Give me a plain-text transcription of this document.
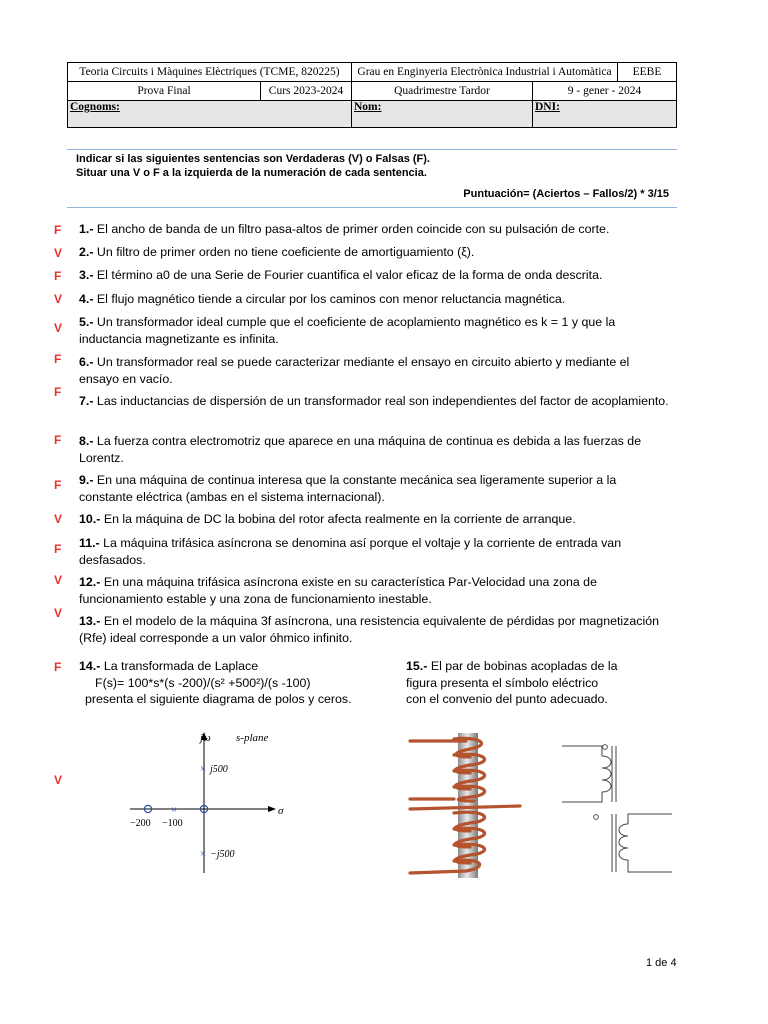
Teoria Circuits i Màquines Elèctriques (TCME, 820225)		Grau en Enginyeria Electrònica Industrial i Automàtica		EEBE
Prova Final	Curs 2023-2024	Quadrimestre Tardor	9 - gener - 2024	
Cognoms:		Nom:	DNI:	
Indicar si las siguientes sentencias son Verdaderas (V) o Falsas (F).
Situar una V o F a la izquierda de la numeración de cada sentencia.
Puntuación= (Aciertos – Fallos/2) * 3/15
F
V
F
V
V
F
F
F
F
V
F
V
V
F
V
1.- El ancho de banda de un filtro pasa-altos de primer orden coincide con su pulsación de corte.
2.- Un filtro de primer orden no tiene coeficiente de amortiguamiento (ξ).
3.- El término a0 de una Serie de Fourier cuantifica el valor eficaz de la forma de onda descrita.
4.- El flujo magnético tiende a circular por los caminos con menor reluctancia magnética.
5.- Un transformador ideal cumple que el coeficiente de acoplamiento magnético es k = 1 y que la inductancia magnetizante es infinita.
6.- Un transformador real se puede caracterizar mediante el ensayo en circuito abierto y mediante el ensayo en vacío.
7.- Las inductancias de dispersión de un transformador real son independientes del factor de acoplamiento.
8.- La fuerza contra electromotriz que aparece en una máquina de continua es debida a las fuerzas de Lorentz.
9.- En una máquina de continua interesa que la constante mecánica sea ligeramente superior a la constante eléctrica (ambas en el sistema internacional).
10.- En la máquina de DC la bobina del rotor afecta realmente en la corriente de arranque.
11.- La máquina trifásica asíncrona se denomina así porque el voltaje y la corriente de entrada van desfasados.
12.- En una máquina trifásica asíncrona existe en su característica Par-Velocidad una zona de funcionamiento estable y una zona de funcionamiento inestable.
13.- En el modelo de la máquina 3f asíncrona, una resistencia equivalente de pérdidas por magnetización (Rfe) ideal corresponde a un valor óhmico infinito.
14.- La transformada de Laplace
F(s)= 100*s*(s -200)/(s² +500²)/(s -100)
presenta el siguiente diagrama de polos y ceros.
15.- El par de bobinas acopladas de la
figura presenta el símbolo eléctrico
con el convenio del punto adecuado.
jω s-plane
σ
×
×
×
j500
−j500
−200 −100
1 de 4
